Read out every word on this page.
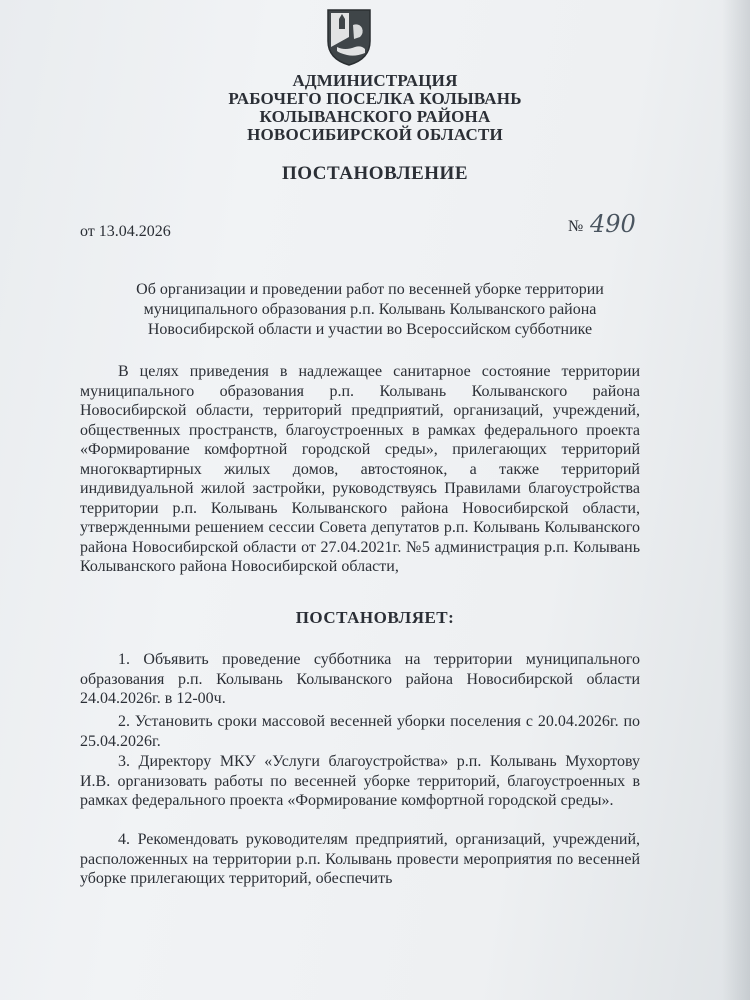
АДМИНИСТРАЦИЯ
РАБОЧЕГО ПОСЕЛКА КОЛЫВАНЬ
КОЛЫВАНСКОГО РАЙОНА
НОВОСИБИРСКОЙ ОБЛАСТИ
ПОСТАНОВЛЕНИЕ
от 13.04.2026	№ 490
Об организации и проведении работ по весенней уборке территории
муниципального образования р.п. Колывань Колыванского района
Новосибирской области и участии во Всероссийском субботнике
В целях приведения в надлежащее санитарное состояние территории муниципального образования р.п. Колывань Колыванского района Новосибирской области, территорий предприятий, организаций, учреждений, общественных пространств, благоустроенных в рамках федерального проекта «Формирование комфортной городской среды», прилегающих территорий многоквартирных жилых домов, автостоянок, а также территорий индивидуальной жилой застройки, руководствуясь Правилами благоустройства территории р.п. Колывань Колыванского района Новосибирской области, утвержденными решением сессии Совета депутатов р.п. Колывань Колыванского района Новосибирской области от 27.04.2021г. №5 администрация р.п. Колывань Колыванского района Новосибирской области,
ПОСТАНОВЛЯЕТ:
1. Объявить проведение субботника на территории муниципального образования р.п. Колывань Колыванского района Новосибирской области 24.04.2026г. в 12-00ч.
2. Установить сроки массовой весенней уборки поселения с 20.04.2026г. по 25.04.2026г.
3. Директору МКУ «Услуги благоустройства» р.п. Колывань Мухортову И.В. организовать работы по весенней уборке территорий, благоустроенных в рамках федерального проекта «Формирование комфортной городской среды».
4. Рекомендовать руководителям предприятий, организаций, учреждений, расположенных на территории р.п. Колывань провести мероприятия по весенней уборке прилегающих территорий, обеспечить
